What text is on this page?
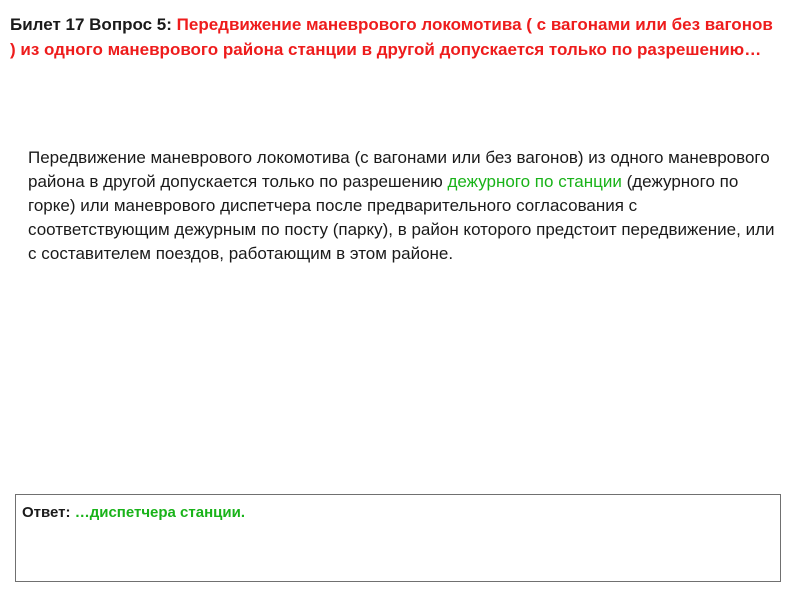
Билет 17 Вопрос 5: Передвижение маневрового локомотива ( с вагонами или без вагонов ) из одного маневрового района станции в другой допускается только по разрешению…
Передвижение маневрового локомотива (с вагонами или без вагонов) из одного маневрового района в другой допускается только по разрешению дежурного по станции (дежурного по горке) или маневрового диспетчера после предварительного согласования с соответствующим дежурным по посту (парку), в район которого предстоит передвижение, или с составителем поездов, работающим в этом районе.
Ответ: …диспетчера станции.
